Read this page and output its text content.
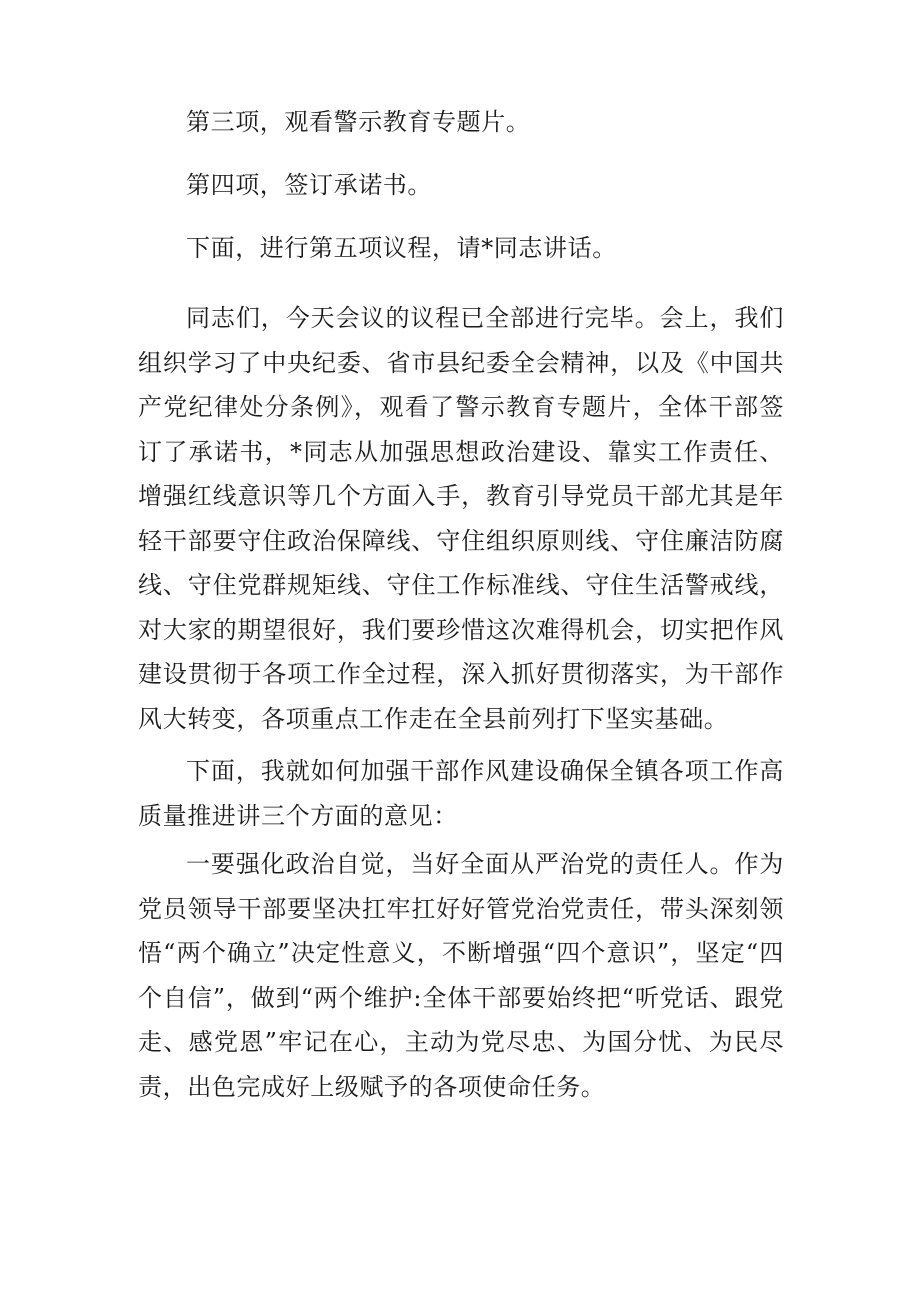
第三项，观看警示教育专题片。

第四项，签订承诺书。

下面，进行第五项议程，请*同志讲话。

同志们，今天会议的议程已全部进行完毕。会上，我们组织学习了中央纪委、省市县纪委全会精神，以及《中国共产党纪律处分条例》，观看了警示教育专题片，全体干部签订了承诺书，*同志从加强思想政治建设、靠实工作责任、增强红线意识等几个方面入手，教育引导党员干部尤其是年轻干部要守住政治保障线、守住组织原则线、守住廉洁防腐线、守住党群规矩线、守住工作标准线、守住生活警戒线，对大家的期望很好，我们要珍惜这次难得机会，切实把作风建设贯彻于各项工作全过程，深入抓好贯彻落实，为干部作风大转变，各项重点工作走在全县前列打下坚实基础。

下面，我就如何加强干部作风建设确保全镇各项工作高质量推进讲三个方面的意见：

一要强化政治自觉，当好全面从严治党的责任人。作为党员领导干部要坚决扛牢扛好好管党治党责任，带头深刻领悟“两个确立”决定性意义，不断增强“四个意识”，坚定“四个自信”，做到“两个维护:全体干部要始终把“听党话、跟党走、感党恩”牢记在心，主动为党尽忠、为国分忧、为民尽责，出色完成好上级赋予的各项使命任务。
